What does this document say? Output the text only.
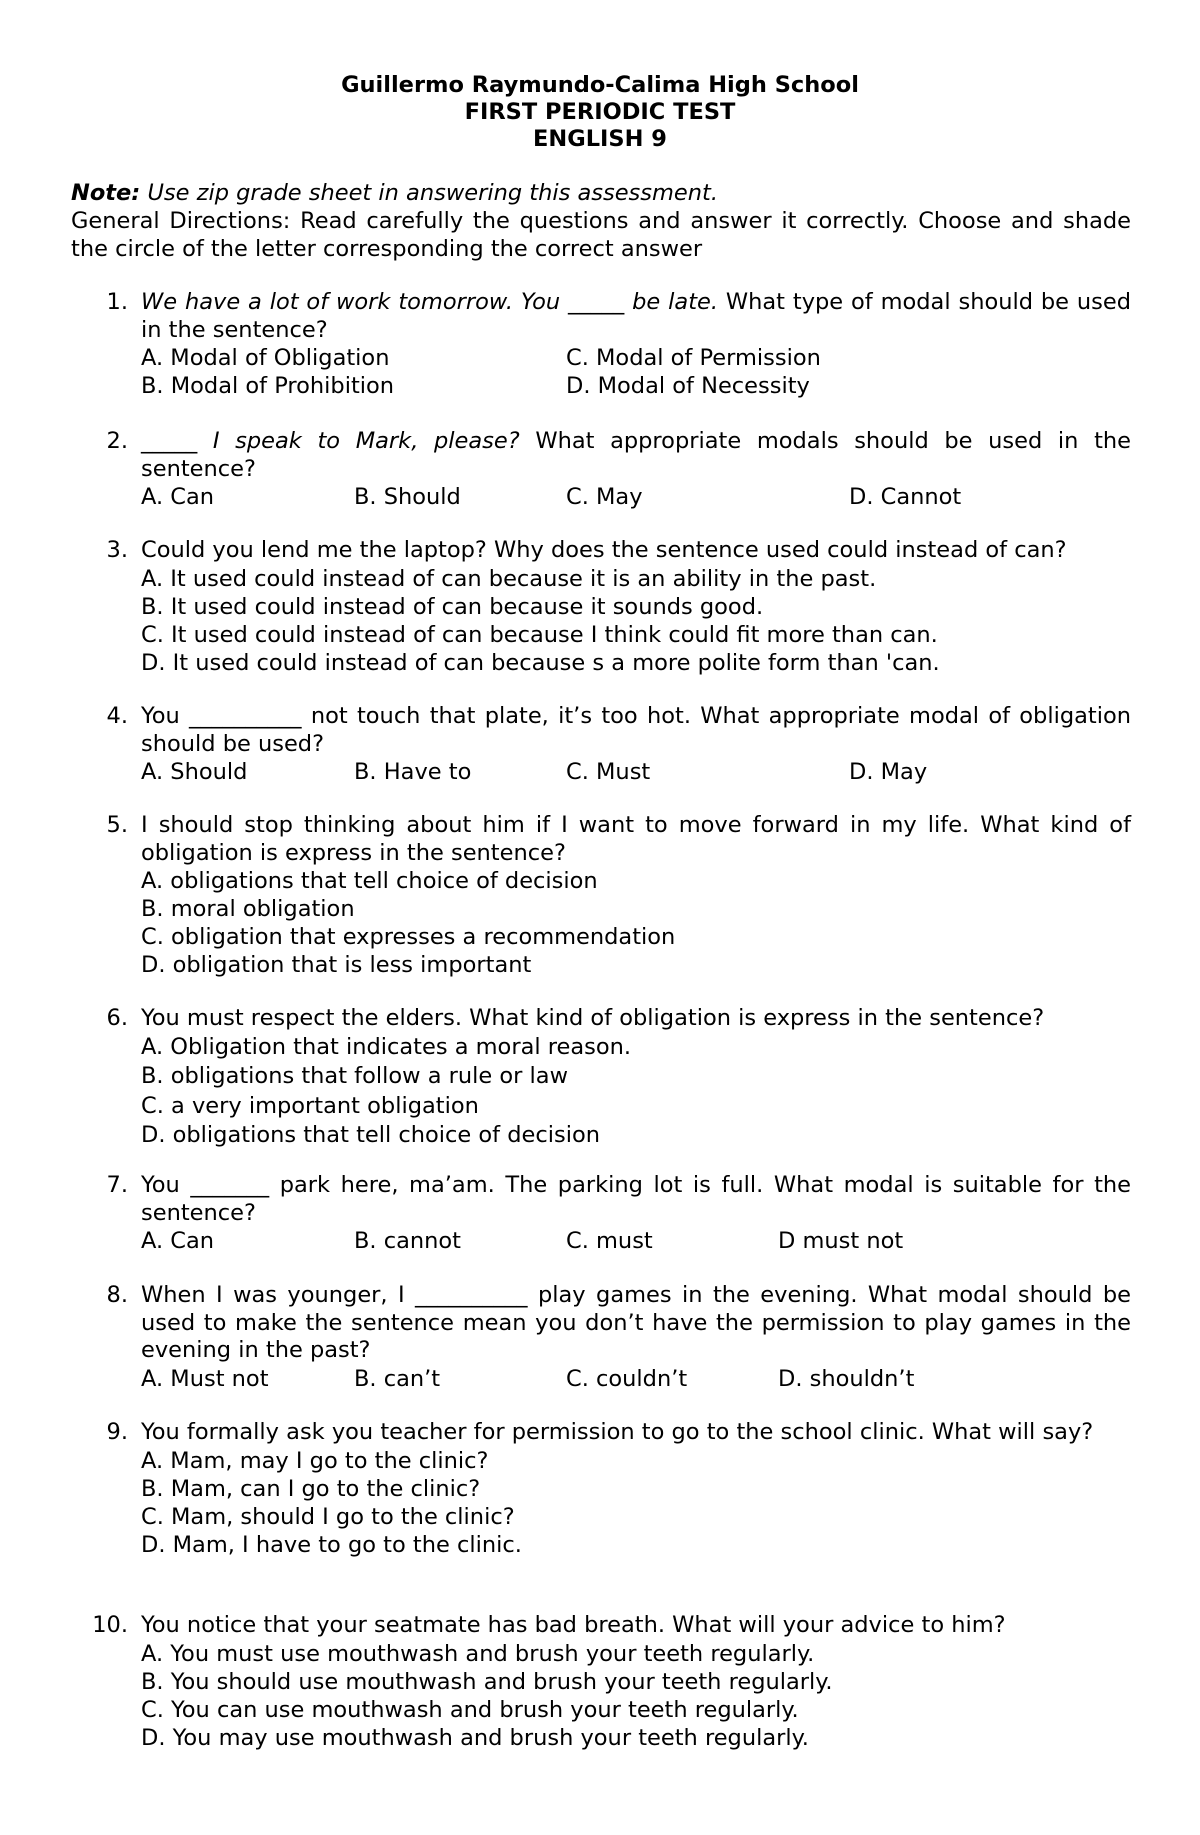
Guillermo Raymundo-Calima High School
FIRST PERIODIC TEST
ENGLISH 9
Note: Use zip grade sheet in answering this assessment.
General Directions: Read carefully the questions and answer it correctly. Choose and shade the circle of the letter corresponding the correct answer
1. We have a lot of work tomorrow. You _____ be late. What type of modal should be used in the sentence?
A. Modal of Obligation	C. Modal of Permission
B. Modal of Prohibition	D. Modal of Necessity
2. _____ I speak to Mark, please? What appropriate modals should be used in the sentence?
A. Can	B. Should	C. May	D. Cannot
3. Could you lend me the laptop? Why does the sentence used could instead of can?
A. It used could instead of can because it is an ability in the past.
B. It used could instead of can because it sounds good.
C. It used could instead of can because I think could fit more than can.
D. It used could instead of can because s a more polite form than 'can.
4. You __________ not touch that plate, it’s too hot. What appropriate modal of obligation should be used?
A. Should	B. Have to	C. Must	D. May
5. I should stop thinking about him if I want to move forward in my life. What kind of obligation is express in the sentence?
A. obligations that tell choice of decision
B. moral obligation
C. obligation that expresses a recommendation
D. obligation that is less important
6. You must respect the elders. What kind of obligation is express in the sentence?
A. Obligation that indicates a moral reason.
B. obligations that follow a rule or law
C. a very important obligation
D. obligations that tell choice of decision
7. You _______ park here, ma’am. The parking lot is full. What modal is suitable for the sentence?
A. Can	B. cannot	C. must	D must not
8. When I was younger, I __________ play games in the evening. What modal should be used to make the sentence mean you don’t have the permission to play games in the evening in the past?
A. Must not	B. can’t	C. couldn’t	D. shouldn’t
9. You formally ask you teacher for permission to go to the school clinic. What will say?
A. Mam, may I go to the clinic?
B. Mam, can I go to the clinic?
C. Mam, should I go to the clinic?
D. Mam, I have to go to the clinic.
10. You notice that your seatmate has bad breath. What will your advice to him?
A. You must use mouthwash and brush your teeth regularly.
B. You should use mouthwash and brush your teeth regularly.
C. You can use mouthwash and brush your teeth regularly.
D. You may use mouthwash and brush your teeth regularly.
